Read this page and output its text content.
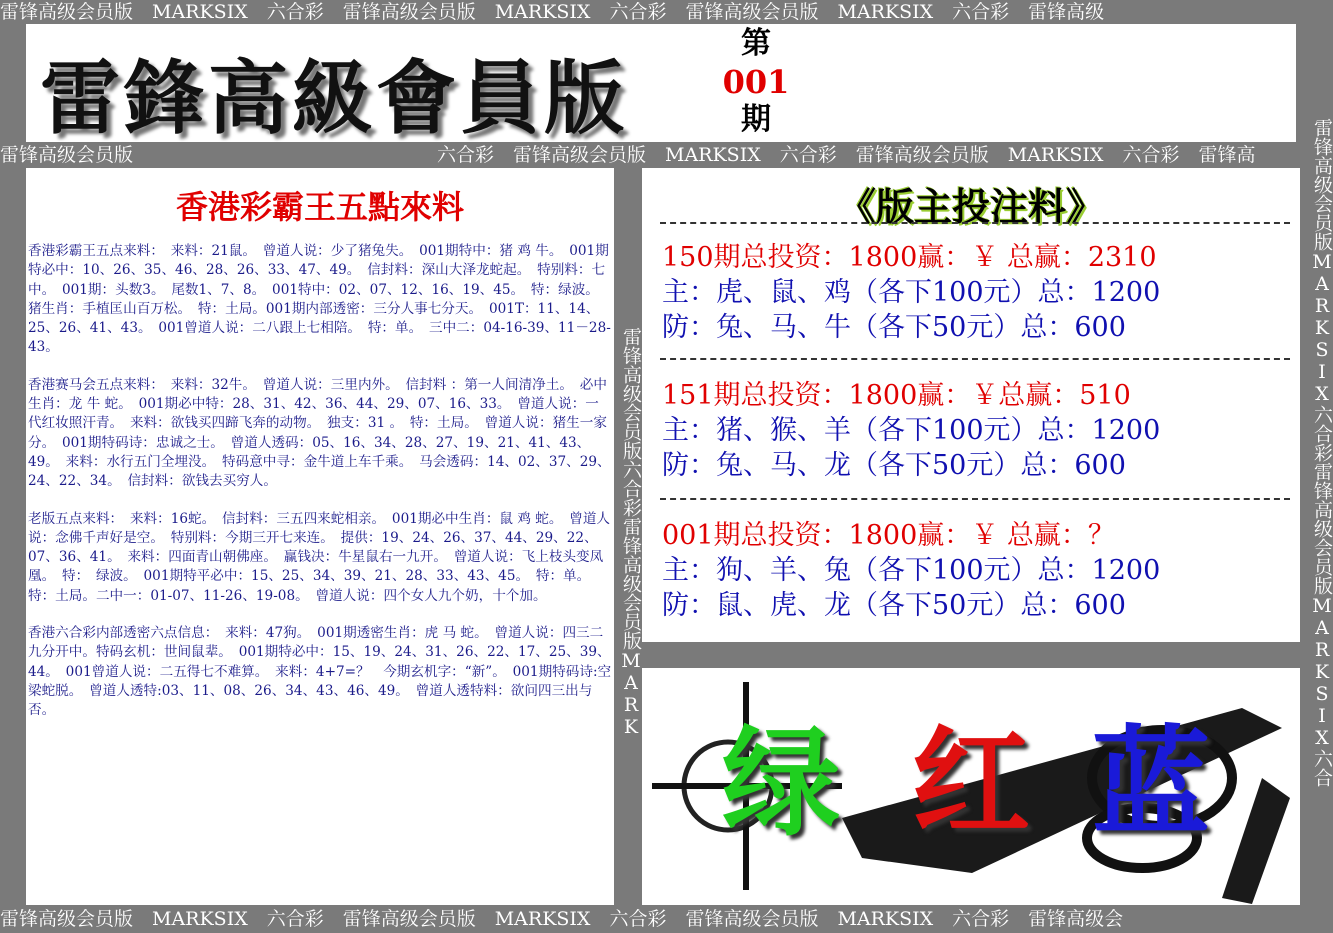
雷锋高级会员版　MARKSIX　六合彩　雷锋高级会员版　MARKSIX　六合彩　雷锋高级会员版　MARKSIX　六合彩　雷锋高级
雷锋高级会员版　　　　　　　　　　　　　　　　六合彩　雷锋高级会员版　MARKSIX　六合彩　雷锋高级会员版　MARKSIX　六合彩　雷锋高
雷锋高级会员版　MARKSIX　六合彩　雷锋高级会员版　MARKSIX　六合彩　雷锋高级会员版　MARKSIX　六合彩　雷锋高级会
雷锋高级会员版MARKSIX六合彩雷锋高级会员版MARKSIX六合
雷锋高级会员版六合彩雷锋高级会员版MARK
雷鋒高級會員版
第
001
期
香港彩霸王五點來料

香港彩霸王五点来料：　来料：21鼠。　曾道人说：少了猪兔失。　001期特中：猪 鸡 牛。　001期特必中：10、26、35、46、28、26、33、47、49。　信封料：深山大泽龙蛇起。　特别料：七中。　001期：头数3。　尾数1、7、8。　001特中：02、07、12、16、19、45。　特：绿波。　猪生肖：手植匡山百万松。　特：土局。001期内部透密：三分人事七分天。　001T：11、14、25、26、41、43。　001曾道人说：二八跟上七相陪。　特：单。　三中二：04-16-39、11－28-43。

香港赛马会五点来料：　来料：32牛。　曾道人说：三里内外。　信封料 ：第一人间清净土。　必中生肖：龙 牛 蛇。　001期必中特：28、31、42、36、44、29、07、16、33。　曾道人说：一代红妆照汗青。　来料：欲钱买四蹄飞奔的动物。　独支：31 。　特：土局。　曾道人说：猪生一家分。　001期特码诗：忠诚之士。　曾道人透码：05、16、34、28、27、19、21、41、43、49。　来料：水行五门全埋没。　特码意中寻：金牛道上车千乘。　马会透码：14、02、37、29、24、22、34。　信封料：欲钱去买穷人。

老版五点来料：　来料：16蛇。　信封料：三五四来蛇相亲。　001期必中生肖：鼠 鸡 蛇。　曾道人说：念佛千声好是空。　特别料：今期三开七来连。　提供：19、24、26、37、44、29、22、07、36、41。　来料：四面青山朝佛座。　赢钱决：牛星鼠右一九开。　曾道人说：飞上枝头变凤凰。　特：　绿波。　001期特平必中：15、25、34、39、21、28、33、43、45。　特：单。　特：土局。二中一：01-07、11-26、19-08。　曾道人说：四个女人九个奶，十个加。

香港六合彩内部透密六点信息：　来料：47狗。　001期透密生肖：虎 马 蛇。　曾道人说：四三二九分开中。特码玄机：世间鼠辈。　001期特必中：15、19、24、31、26、22、17、25、39、44。　001曾道人说：二五得七不难算。　来料：4+7=？　今期玄机字：“新”。　001期特码诗:空梁蛇脱。　曾道人透特:03、11、08、26、34、43、46、49。　曾道人透特料：欲问四三出与否。

《版主投注料》
150期总投资：1800赢：￥ 总赢：2310
主：虎、鼠、鸡（各下100元）总：1200
防：兔、马、牛（各下50元）总：600
151期总投资：1800赢：￥总赢：510
主：猪、猴、羊（各下100元）总：1200
防：兔、马、龙（各下50元）总：600
001期总投资：1800赢：￥ 总赢：？
主：狗、羊、兔（各下100元）总：1200
防：鼠、虎、龙（各下50元）总：600
绿 红 蓝
